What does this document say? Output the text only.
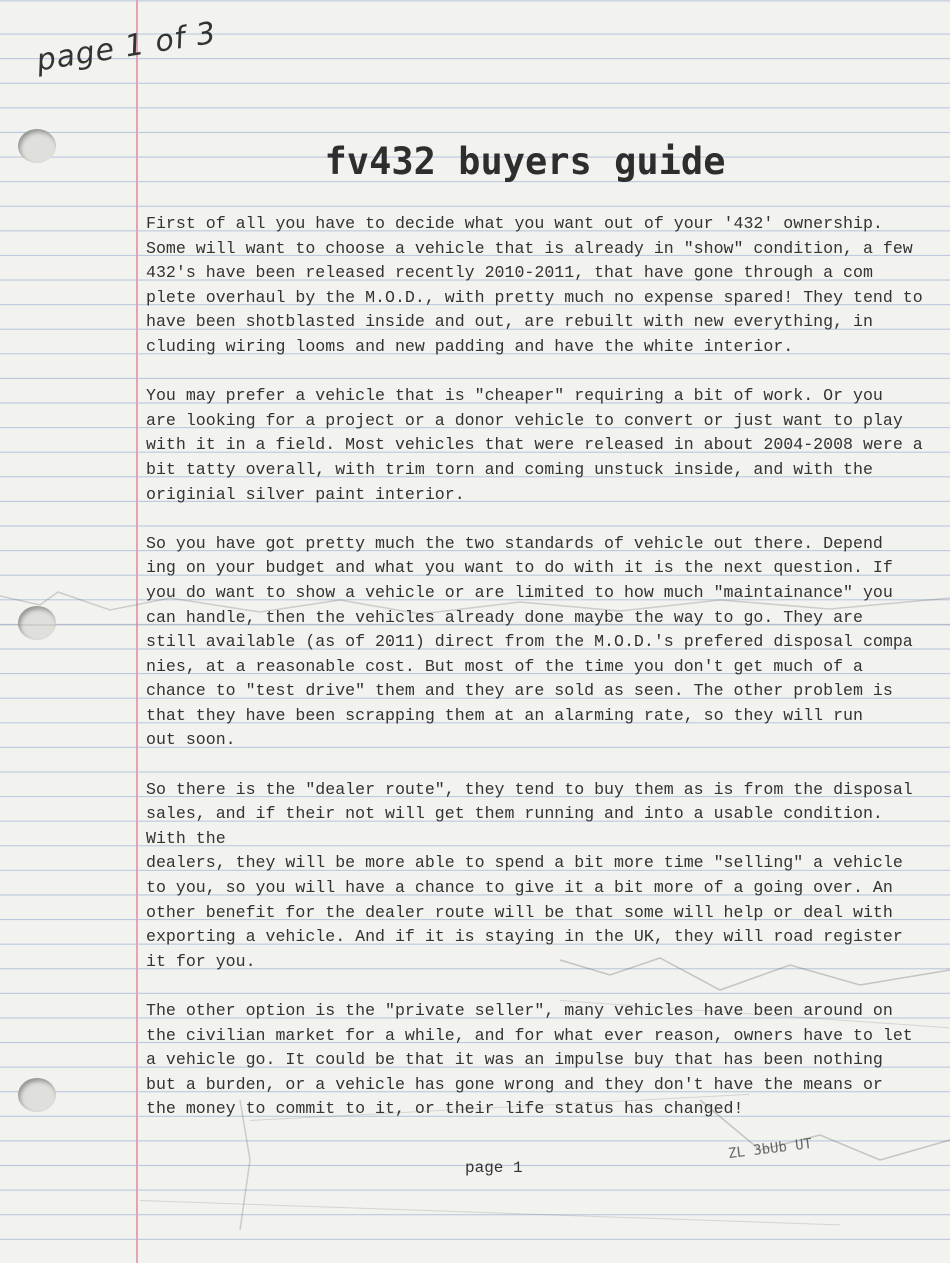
page 1 of 3
fv432 buyers guide
First of all you have to decide what you want out of your '432' ownership.
Some will want to choose a vehicle that is already in "show" condition, a few
432's have been released recently 2010-2011, that have gone through a com
plete overhaul by the M.O.D., with pretty much no expense spared! They tend to
have been shotblasted inside and out, are rebuilt with new everything, in
cluding wiring looms and new padding and have the white interior.
You may prefer a vehicle that is "cheaper" requiring a bit of work. Or you
are looking for a project or a donor vehicle to convert or just want to play
with it in a field. Most vehicles that were released in about 2004-2008 were a
bit tatty overall, with trim torn and coming unstuck inside, and with the
originial silver paint interior.
So you have got pretty much the two standards of vehicle out there. Depend
ing on your budget and what you want to do with it is the next question. If
you do want to show a vehicle or are limited to how much "maintainance" you
can handle, then the vehicles already done maybe the way to go. They are
still available (as of 2011) direct from the M.O.D.'s prefered disposal compa
nies, at a reasonable cost. But most of the time you don't get much of a
chance to "test drive" them and they are sold as seen. The other problem is
that they have been scrapping them at an alarming rate, so they will run
out soon.
So there is the "dealer route", they tend to buy them as is from the disposal
sales, and if their not will get them running and into a usable condition.
With the
dealers, they will be more able to spend a bit more time "selling" a vehicle
to you, so you will have a chance to give it a bit more of a going over. An
other benefit for the dealer route will be that some will help or deal with
exporting a vehicle. And if it is staying in the UK, they will road register
it for you.
The other option is the "private seller", many vehicles have been around on
the civilian market for a while, and for what ever reason, owners have to let
a vehicle go. It could be that it was an impulse buy that has been nothing
but a burden, or a vehicle has gone wrong and they don't have the means or
the money to commit to it, or their life status has changed!
ZL 3bUb UT
page 1
